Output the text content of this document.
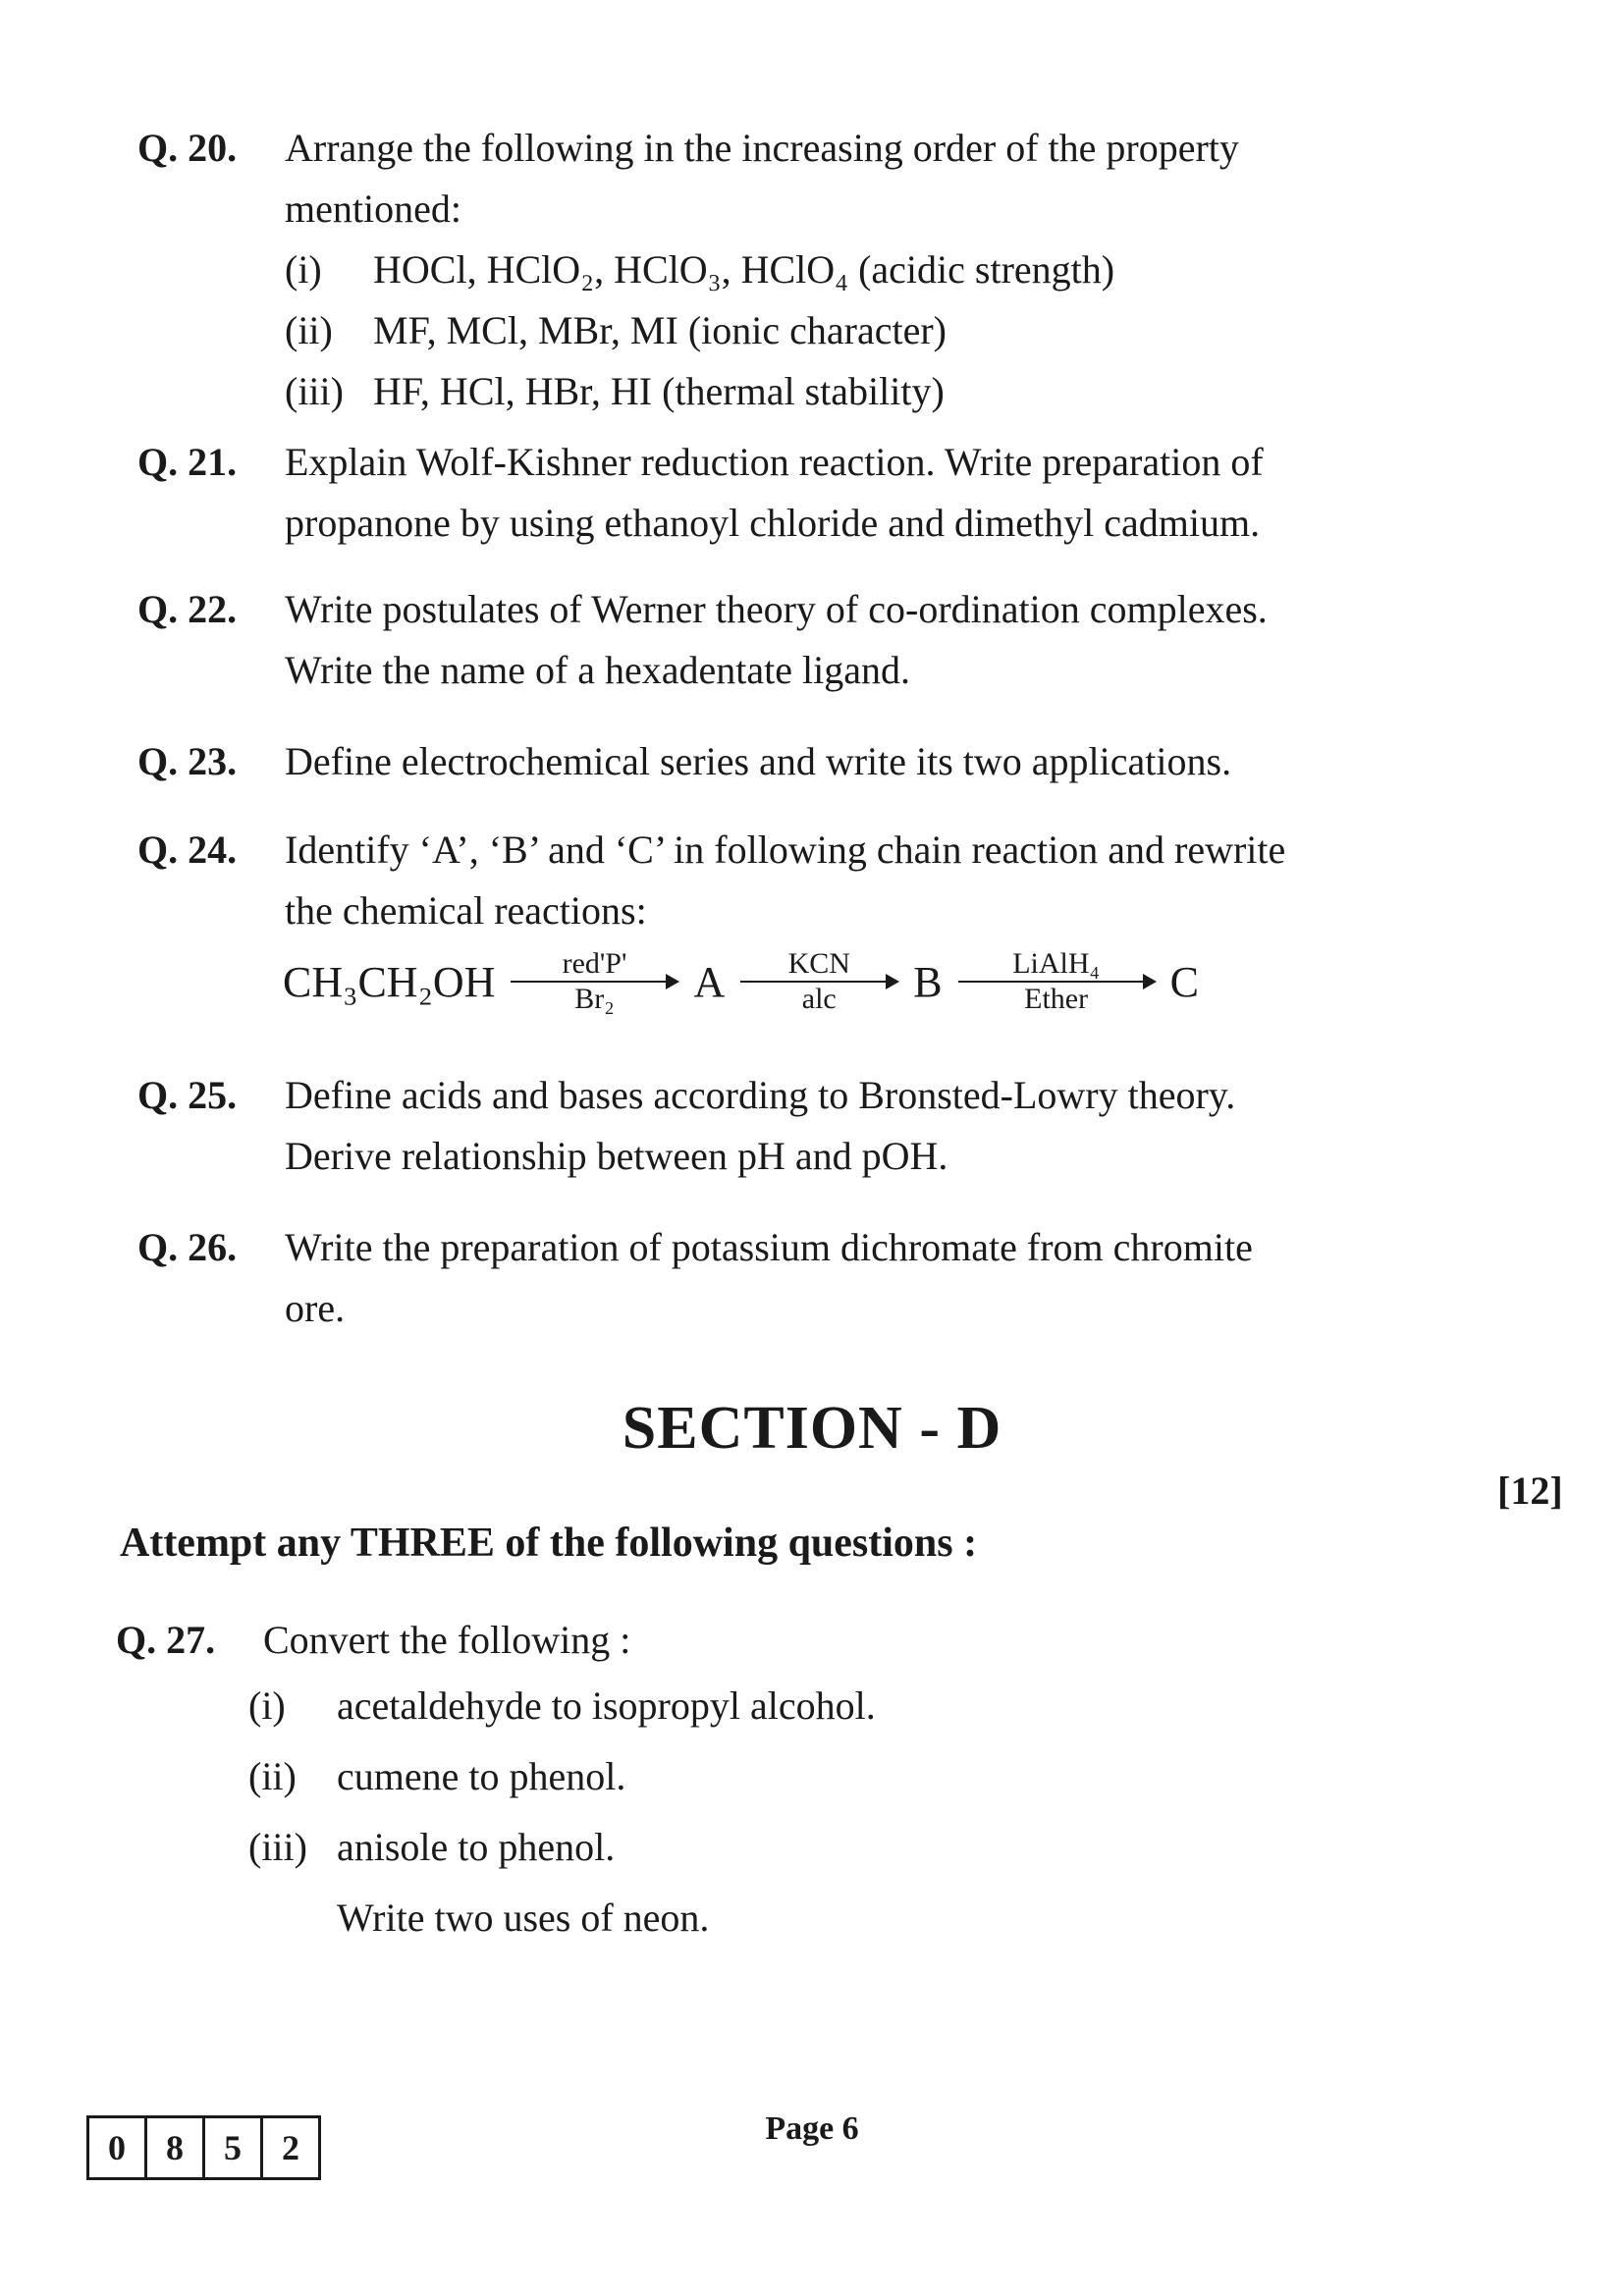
Q. 20. Arrange the following in the increasing order of the property
mentioned:
(i) HOCl, HClO₂, HClO₃, HClO₄ (acidic strength)
(ii) MF, MCl, MBr, MI (ionic character)
(iii) HF, HCl, HBr, HI (thermal stability)
Q. 21. Explain Wolf-Kishner reduction reaction. Write preparation of
propanone by using ethanoyl chloride and dimethyl cadmium.
Q. 22. Write postulates of Werner theory of co-ordination complexes.
Write the name of a hexadentate ligand.
Q. 23. Define electrochemical series and write its two applications.
Q. 24. Identify ‘A’, ‘B’ and ‘C’ in following chain reaction and rewrite
the chemical reactions:
CH₃CH₂OH	red'P'
Br₂	A	KCN
alc	B	LiAlH₄
Ether	C
Q. 25. Define acids and bases according to Bronsted-Lowry theory.
Derive relationship between pH and pOH.
Q. 26. Write the preparation of potassium dichromate from chromite
ore.
SECTION - D
[12]
Attempt any THREE of the following questions :
Q. 27. Convert the following :
(i) acetaldehyde to isopropyl alcohol.
(ii) cumene to phenol.
(iii) anisole to phenol.
Write two uses of neon.
Page 6
0	8	5	2
